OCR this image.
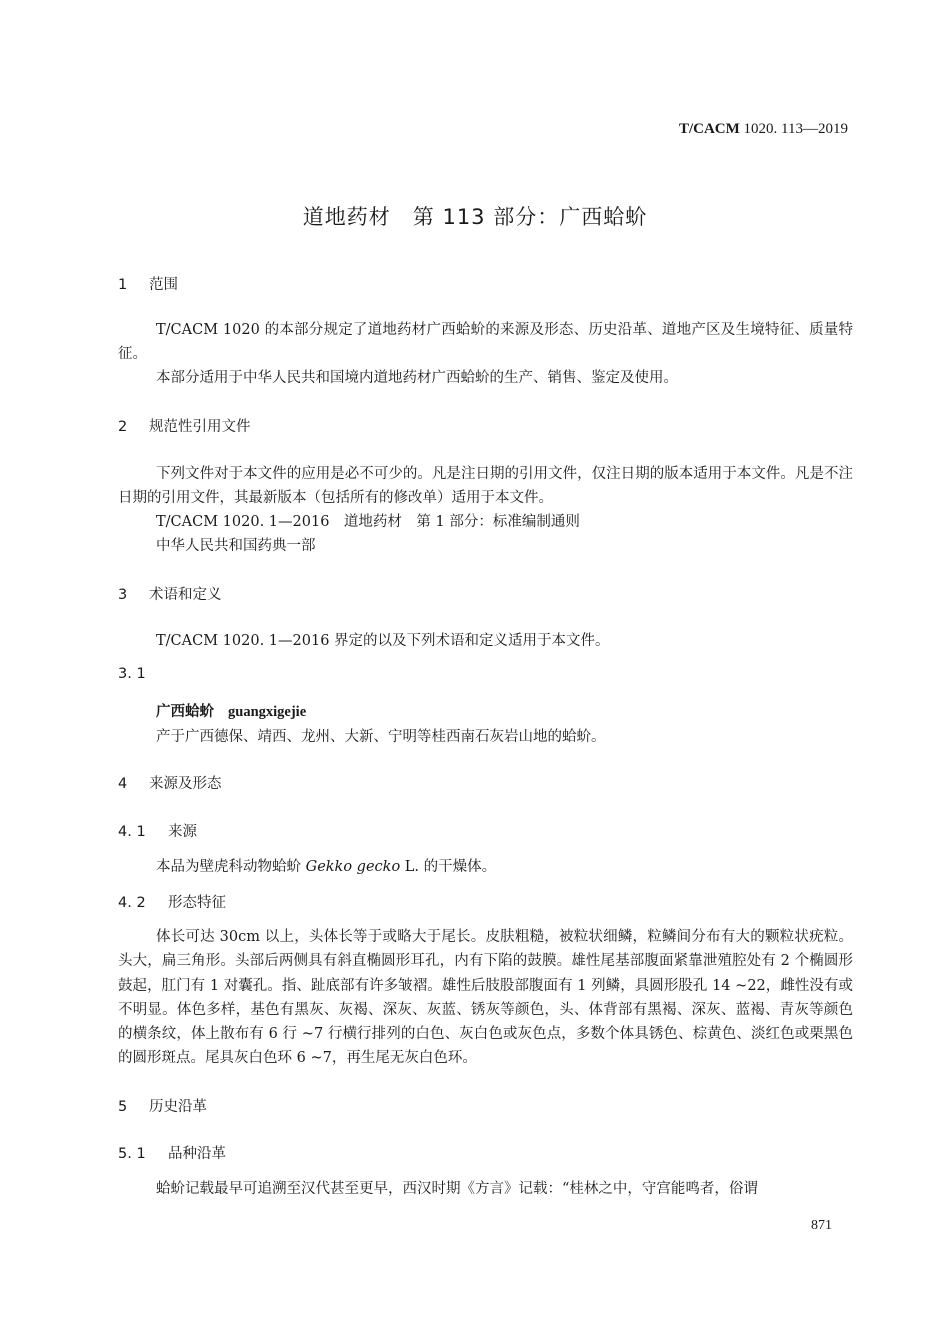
T/CACM 1020. 113—2019
道地药材　第 113 部分：广西蛤蚧
1 范围
T/CACM 1020 的本部分规定了道地药材广西蛤蚧的来源及形态、历史沿革、道地产区及生境特征、质量特征。
本部分适用于中华人民共和国境内道地药材广西蛤蚧的生产、销售、鉴定及使用。
2 规范性引用文件
下列文件对于本文件的应用是必不可少的。凡是注日期的引用文件，仅注日期的版本适用于本文件。凡是不注日期的引用文件，其最新版本（包括所有的修改单）适用于本文件。
T/CACM 1020. 1—2016　道地药材　第 1 部分：标准编制通则
中华人民共和国药典一部
3 术语和定义
T/CACM 1020. 1—2016 界定的以及下列术语和定义适用于本文件。
3. 1
广西蛤蚧 guangxigejie
产于广西德保、靖西、龙州、大新、宁明等桂西南石灰岩山地的蛤蚧。
4 来源及形态
4. 1 来源
本品为壁虎科动物蛤蚧 Gekko gecko L. 的干燥体。
4. 2 形态特征
体长可达 30cm 以上，头体长等于或略大于尾长。皮肤粗糙，被粒状细鳞，粒鳞间分布有大的颗粒状疣粒。头大，扁三角形。头部后两侧具有斜直椭圆形耳孔，内有下陷的鼓膜。雄性尾基部腹面紧靠泄殖腔处有 2 个椭圆形鼓起，肛门有 1 对囊孔。指、趾底部有许多皱褶。雄性后肢股部腹面有 1 列鳞，具圆形股孔 14 ~22，雌性没有或不明显。体色多样，基色有黑灰、灰褐、深灰、灰蓝、锈灰等颜色，头、体背部有黑褐、深灰、蓝褐、青灰等颜色的横条纹，体上散布有 6 行 ~7 行横行排列的白色、灰白色或灰色点，多数个体具锈色、棕黄色、淡红色或栗黑色的圆形斑点。尾具灰白色环 6 ~7，再生尾无灰白色环。
5 历史沿革
5. 1 品种沿革
蛤蚧记载最早可追溯至汉代甚至更早，西汉时期《方言》记载：“桂林之中，守宫能鸣者，俗谓
871
